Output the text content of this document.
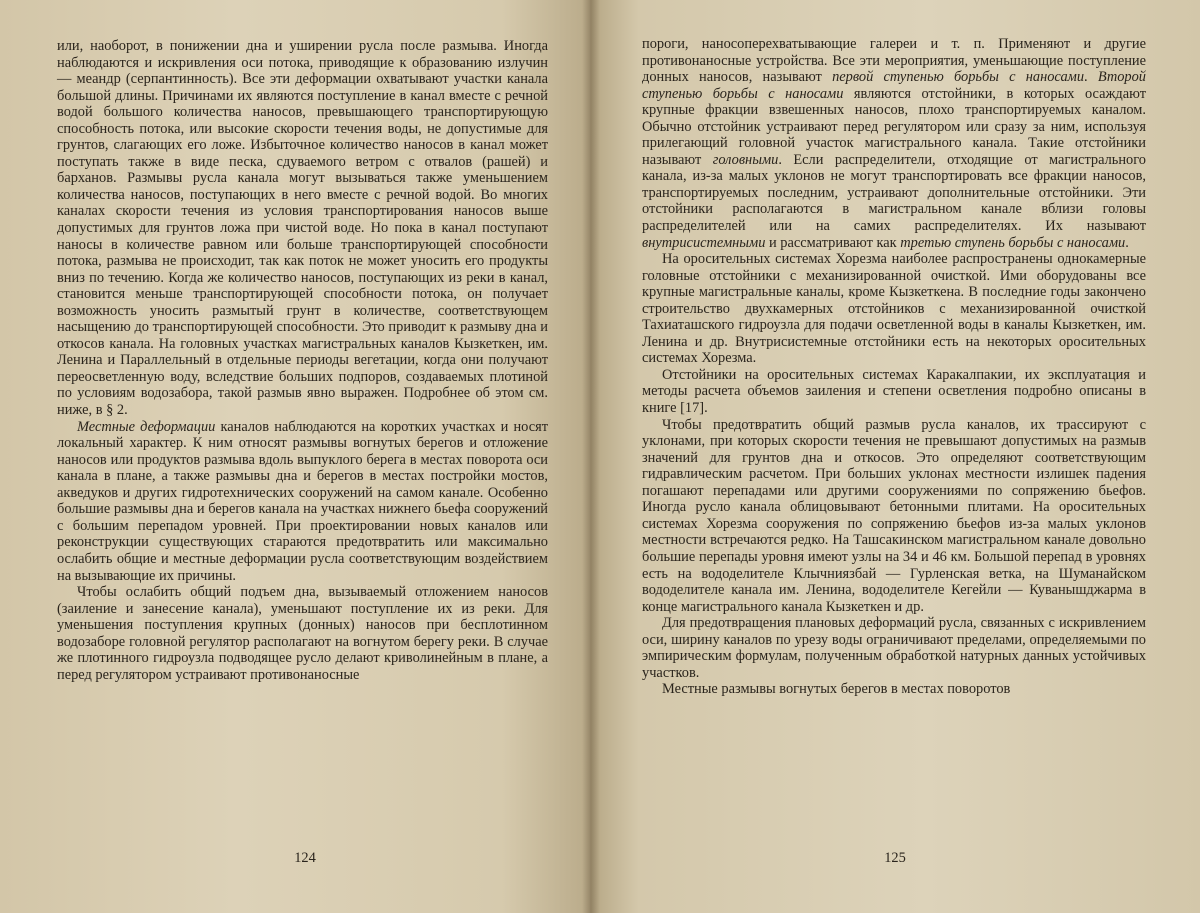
или, наоборот, в понижении дна и уширении русла после размыва. Иногда наблюдаются и искривления оси потока, приводящие к образованию излучин — меандр (серпантинность). Все эти деформации охватывают участки канала большой длины. Причинами их являются поступление в канал вместе с речной водой большого количества наносов, превышающего транспортирующую способность потока, или высокие скорости течения воды, не допустимые для грунтов, слагающих его ложе. Избыточное количество наносов в канал может поступать также в виде песка, сдуваемого ветром с отвалов (рашей) и барханов. Размывы русла канала могут вызываться также уменьшением количества наносов, поступающих в него вместе с речной водой. Во многих каналах скорости течения из условия транспортирования наносов выше допустимых для грунтов ложа при чистой воде. Но пока в канал поступают наносы в количестве равном или больше транспортирующей способности потока, размыва не происходит, так как поток не может уносить его продукты вниз по течению. Когда же количество наносов, поступающих из реки в канал, становится меньше транспортирующей способности потока, он получает возможность уносить размытый грунт в количестве, соответствующем насыщению до транспортирующей способности. Это приводит к размыву дна и откосов канала. На головных участках магистральных каналов Кызкеткен, им. Ленина и Параллельный в отдельные периоды вегетации, когда они получают переосветленную воду, вследствие больших подпоров, создаваемых плотиной по условиям водозабора, такой размыв явно выражен. Подробнее об этом см. ниже, в § 2.

Местные деформации каналов наблюдаются на коротких участках и носят локальный характер. К ним относят размывы вогнутых берегов и отложение наносов или продуктов размыва вдоль выпуклого берега в местах поворота оси канала в плане, а также размывы дна и берегов в местах постройки мостов, акведуков и других гидротехнических сооружений на самом канале. Особенно большие размывы дна и берегов канала на участках нижнего бьефа сооружений с большим перепадом уровней. При проектировании новых каналов или реконструкции существующих стараются предотвратить или максимально ослабить общие и местные деформации русла соответствующим воздействием на вызывающие их причины.

Чтобы ослабить общий подъем дна, вызываемый отложением наносов (заиление и занесение канала), уменьшают поступление их из реки. Для уменьшения поступления крупных (донных) наносов при бесплотинном водозаборе головной регулятор располагают на вогнутом берегу реки. В случае же плотинного гидроузла подводящее русло делают криволинейным в плане, а перед регулятором устраивают противонаносные

124

пороги, наноcоперехватывающие галереи и т. п. Применяют и другие противонаносные устройства. Все эти мероприятия, уменьшающие поступление донных наносов, называют первой ступенью борьбы с наносами. Второй ступенью борьбы с наносами являются отстойники, в которых осаждают крупные фракции взвешенных наносов, плохо транспортируемых каналом. Обычно отстойник устраивают перед регулятором или сразу за ним, используя прилегающий головной участок магистрального канала. Такие отстойники называют головными. Если распределители, отходящие от магистрального канала, из-за малых уклонов не могут транспортировать все фракции наносов, транспортируемых последним, устраивают дополнительные отстойники. Эти отстойники располагаются в магистральном канале вблизи головы распределителей или на самих распределителях. Их называют внутрисистемными и рассматривают как третью ступень борьбы с наносами.

На оросительных системах Хорезма наиболее распространены однокамерные головные отстойники с механизированной очисткой. Ими оборудованы все крупные магистральные каналы, кроме Кызкеткена. В последние годы закончено строительство двухкамерных отстойников с механизированной очисткой Тахиаташского гидроузла для подачи осветленной воды в каналы Кызкеткен, им. Ленина и др. Внутрисистемные отстойники есть на некоторых оросительных системах Хорезма.

Отстойники на оросительных системах Каракалпакии, их эксплуатация и методы расчета объемов заиления и степени осветления подробно описаны в книге [17].

Чтобы предотвратить общий размыв русла каналов, их трассируют с уклонами, при которых скорости течения не превышают допустимых на размыв значений для грунтов дна и откосов. Это определяют соответствующим гидравлическим расчетом. При больших уклонах местности излишек падения погашают перепадами или другими сооружениями по сопряжению бьефов. Иногда русло канала облицовывают бетонными плитами. На оросительных системах Хорезма сооружения по сопряжению бьефов из-за малых уклонов местности встречаются редко. На Ташсакинском магистральном канале довольно большие перепады уровня имеют узлы на 34 и 46 км. Большой перепад в уровнях есть на вододелителе Клычниязбай — Гурленская ветка, на Шуманайском вододелителе канала им. Ленина, вододелителе Кегейли — Куванышджарма в конце магистрального канала Кызкеткен и др.

Для предотвращения плановых деформаций русла, связанных с искривлением оси, ширину каналов по урезу воды ограничивают пределами, определяемыми по эмпирическим формулам, полученным обработкой натурных данных устойчивых участков.

Местные размывы вогнутых берегов в местах поворотов

125
